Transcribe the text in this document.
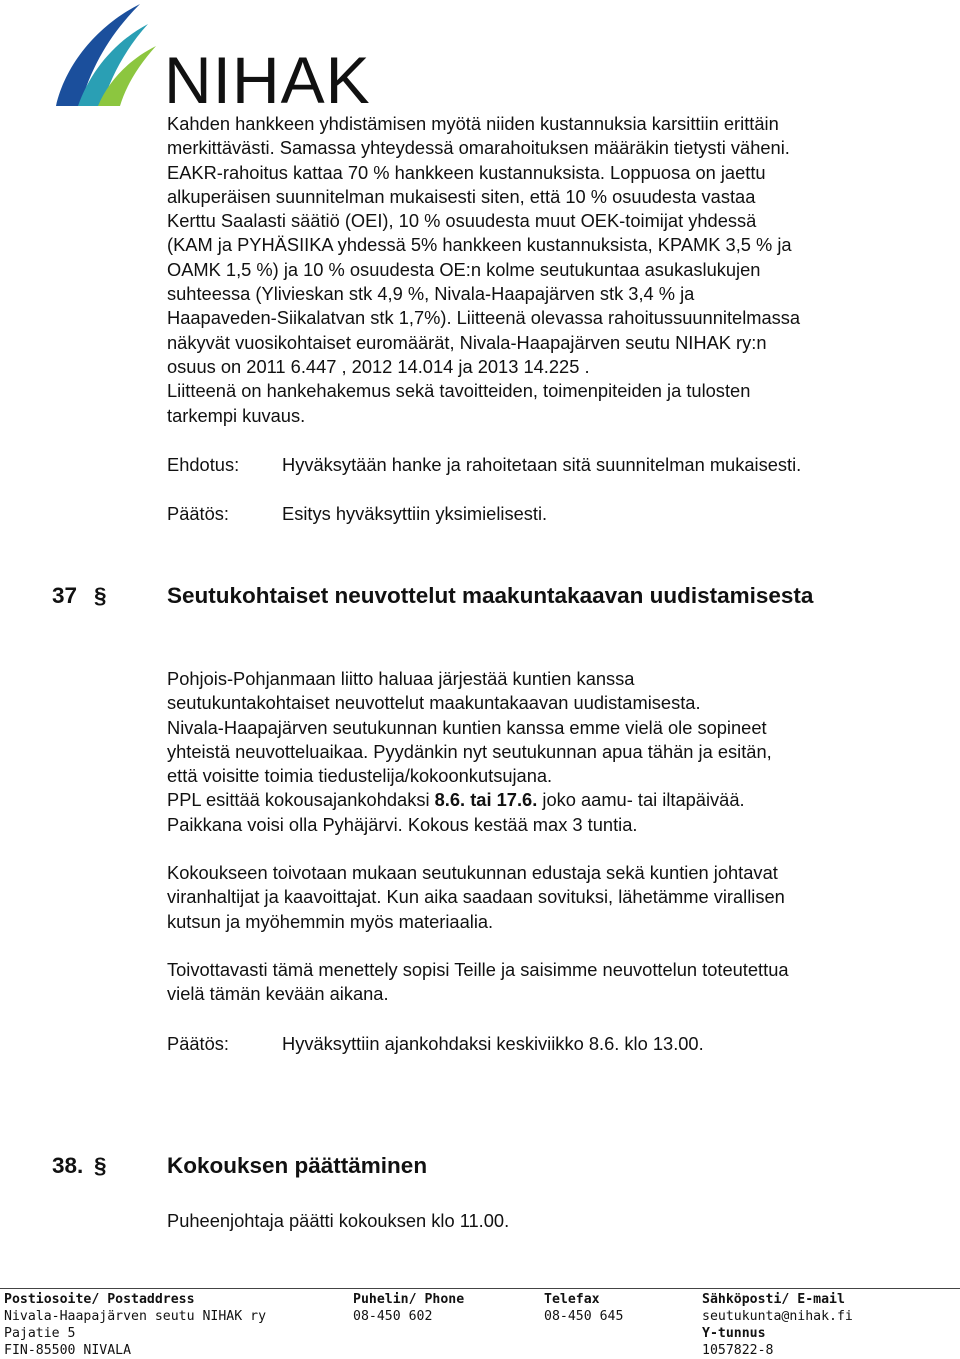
NIHAK
Kahden hankkeen yhdistämisen myötä niiden kustannuksia karsittiin erittäin
merkittävästi. Samassa yhteydessä omarahoituksen määräkin tietysti väheni.
EAKR-rahoitus kattaa 70 % hankkeen kustannuksista. Loppuosa on jaettu
alkuperäisen suunnitelman mukaisesti siten, että 10 % osuudesta vastaa
Kerttu Saalasti säätiö (OEI), 10 % osuudesta muut OEK-toimijat yhdessä
(KAM ja PYHÄSIIKA yhdessä 5% hankkeen kustannuksista, KPAMK 3,5 % ja
OAMK 1,5 %) ja 10 % osuudesta OE:n kolme seutukuntaa asukaslukujen
suhteessa (Ylivieskan stk 4,9 %, Nivala-Haapajärven stk 3,4 % ja
Haapaveden-Siikalatvan stk 1,7%). Liitteenä olevassa rahoitussuunnitelmassa
näkyvät vuosikohtaiset euromäärät, Nivala-Haapajärven seutu NIHAK ry:n
osuus on 2011 6.447 , 2012 14.014 ja 2013 14.225 .
Liitteenä on hankehakemus sekä tavoitteiden, toimenpiteiden ja tulosten
tarkempi kuvaus.
Ehdotus: Hyväksytään hanke ja rahoitetaan sitä suunnitelman mukaisesti.
Päätös:	Esitys hyväksyttiin yksimielisesti.
37 §	Seutukohtaiset neuvottelut maakuntakaavan uudistamisesta
Pohjois-Pohjanmaan liitto haluaa järjestää kuntien kanssa
seutukuntakohtaiset neuvottelut maakuntakaavan uudistamisesta.
Nivala-Haapajärven seutukunnan kuntien kanssa emme vielä ole sopineet
yhteistä neuvotteluaikaa. Pyydänkin nyt seutukunnan apua tähän ja esitän,
että voisitte toimia tiedustelija/kokoonkutsujana.
PPL esittää kokousajankohdaksi 8.6. tai 17.6. joko aamu- tai iltapäivää.
Paikkana voisi olla Pyhäjärvi. Kokous kestää max 3 tuntia.
Kokoukseen toivotaan mukaan seutukunnan edustaja sekä kuntien johtavat
viranhaltijat ja kaavoittajat. Kun aika saadaan sovituksi, lähetämme virallisen
kutsun ja myöhemmin myös materiaalia.
Toivottavasti tämä menettely sopisi Teille ja saisimme neuvottelun toteutettua
vielä tämän kevään aikana.
Päätös:	Hyväksyttiin ajankohdaksi keskiviikko 8.6. klo 13.00.
38. §	Kokouksen päättäminen
Puheenjohtaja päätti kokouksen klo 11.00.
Postiosoite/ Postaddress
Nivala-Haapajärven seutu NIHAK ry
Pajatie 5
FIN-85500 NIVALA
Puhelin/ Phone
08-450 602
Telefax
08-450 645
Sähköposti/ E-mail
seutukunta@nihak.fi
Y-tunnus
1057822-8
